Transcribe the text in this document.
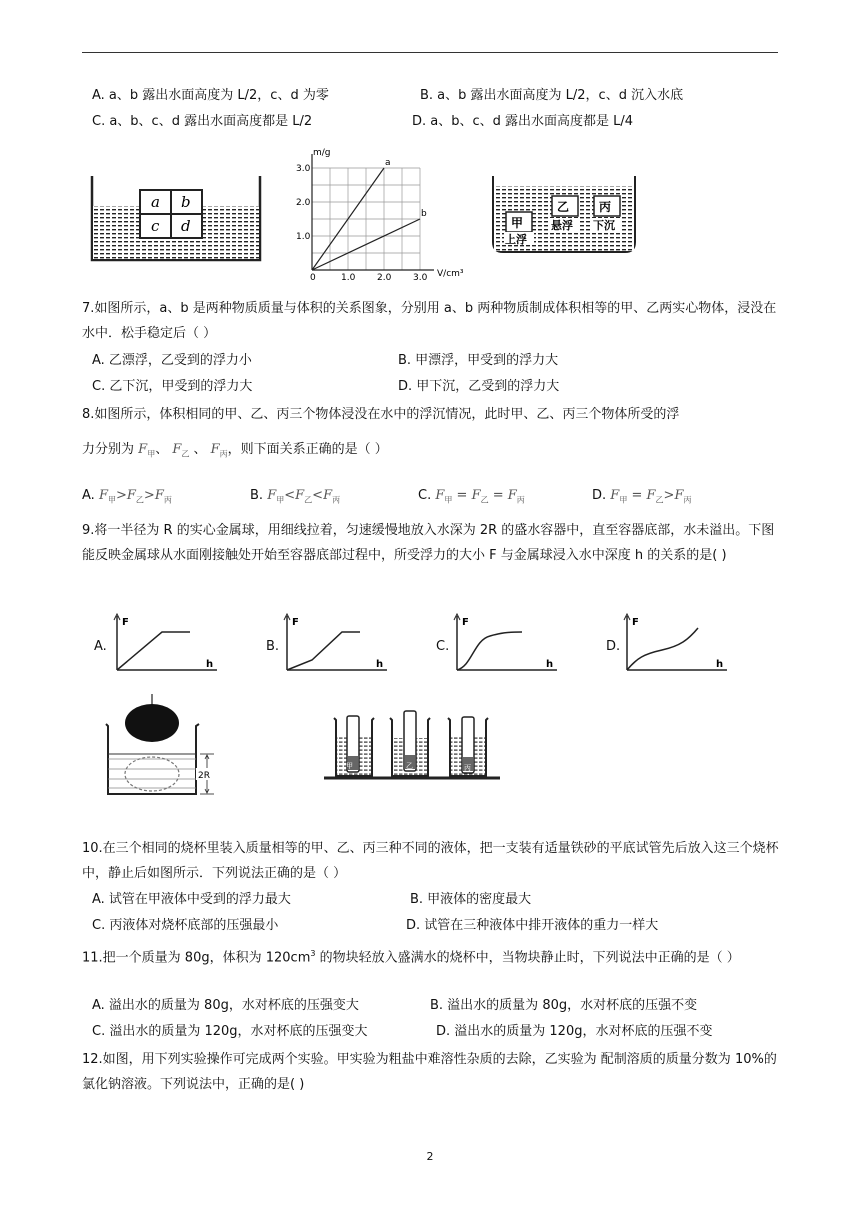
A. a、b 露出水面高度为 L/2，c、d 为零	B. a、b 露出水面高度为 L/2，c、d 沉入水底
C. a、b、c、d 露出水面高度都是 L/2	D. a、b、c、d 露出水面高度都是 L/4
a b
c d
a
b
0	1.0 2.0 3.0
1.0
2.0
3.0
m/g
V/cm³
甲
上浮
乙
悬浮
丙
下沉
7.如图所示，a、b 是两种物质质量与体积的关系图象，分别用 a、b 两种物质制成体积相等的甲、乙两实心物体，浸没在水中．松手稳定后（ ）
A. 乙漂浮，乙受到的浮力小	B. 甲漂浮，甲受到的浮力大
C. 乙下沉，甲受到的浮力大	D. 甲下沉，乙受到的浮力大
8.如图所示，体积相同的甲、乙、丙三个物体浸没在水中的浮沉情况，此时甲、乙、丙三个物体所受的浮
力分别为 $F_甲$、 $F_乙$ 、 $F_丙$，则下面关系正确的是（ ）
A. $F_甲>F_乙>F_丙$	B. $F_甲<F_乙<F_丙$	C. $F_甲 = F_乙 = F_丙$	D. $F_甲 = F_乙>F_丙$
9.将一半径为 R 的实心金属球，用细线拉着，匀速缓慢地放入水深为 2R 的盛水容器中，直至容器底部，水未溢出。下图能反映金属球从水面刚接触处开始至容器底部过程中，所受浮力的大小 F 与金属球浸入水中深度 h 的关系的是( )
A.
F
h
B.
F
h
C.
F
h
D.
F
h
2R
甲	乙	丙
10.在三个相同的烧杯里装入质量相等的甲、乙、丙三种不同的液体，把一支装有适量铁砂的平底试管先后放入这三个烧杯中，静止后如图所示．下列说法正确的是（ ）
A. 试管在甲液体中受到的浮力最大	B. 甲液体的密度最大
C. 丙液体对烧杯底部的压强最小	D. 试管在三种液体中排开液体的重力一样大
11.把一个质量为 80g，体积为 $120cm^3$ 的物块轻放入盛满水的烧杯中，当物块静止时，下列说法中正确的是（ ）
A. 溢出水的质量为 80g，水对杯底的压强变大	B. 溢出水的质量为 80g，水对杯底的压强不变
C. 溢出水的质量为 120g，水对杯底的压强变大	D. 溢出水的质量为 120g，水对杯底的压强不变
12.如图，用下列实验操作可完成两个实验。甲实验为粗盐中难溶性杂质的去除，乙实验为 配制溶质的质量分数为 10%的氯化钠溶液。下列说法中，正确的是( )
2
